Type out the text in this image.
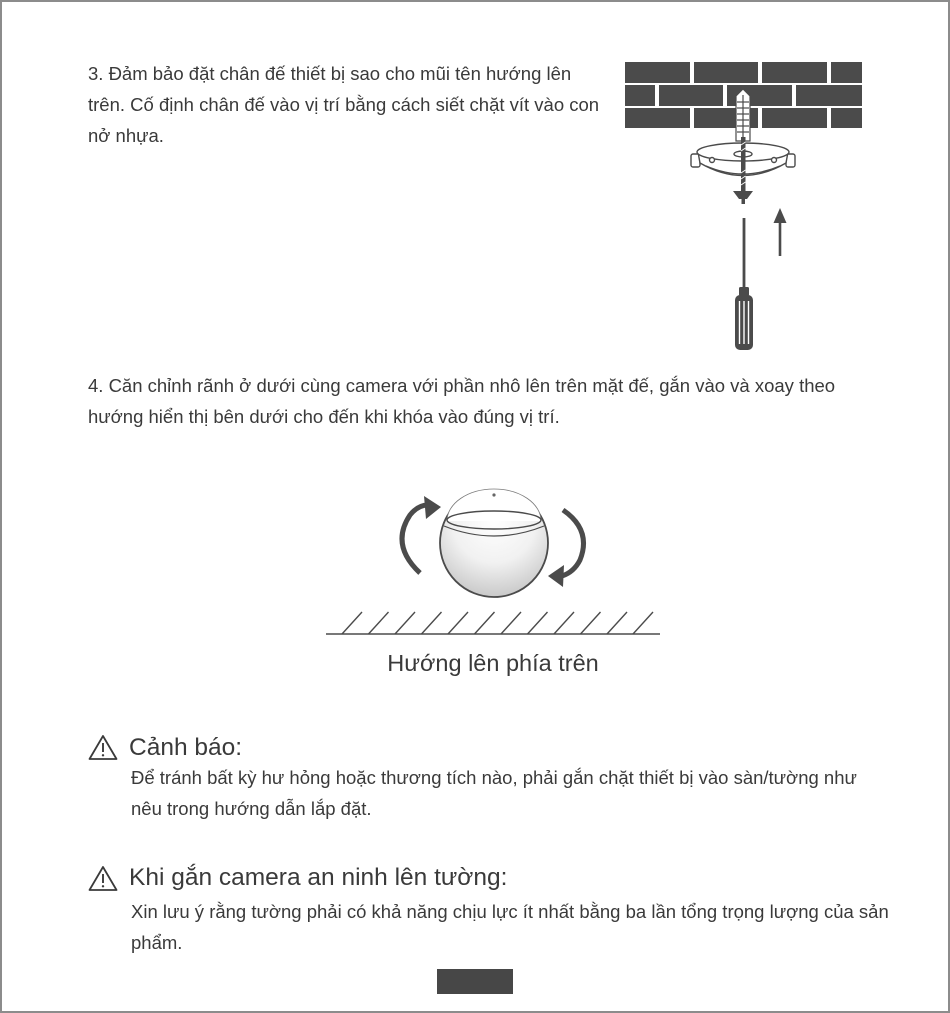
3. Đảm bảo đặt chân đế thiết bị sao cho mũi tên hướng lên
trên. Cố định chân đế vào vị trí bằng cách siết chặt vít vào con
nở nhựa.
4. Căn chỉnh rãnh ở dưới cùng camera với phần nhô lên trên mặt đế, gắn vào và xoay theo
hướng hiển thị bên dưới cho đến khi khóa vào đúng vị trí.
Hướng lên phía trên
Cảnh báo:
Để tránh bất kỳ hư hỏng hoặc thương tích nào, phải gắn chặt thiết bị vào sàn/tường như
nêu trong hướng dẫn lắp đặt.
Khi gắn camera an ninh lên tường:
Xin lưu ý rằng tường phải có khả năng chịu lực ít nhất bằng ba lần tổng trọng lượng của sản
phẩm.
